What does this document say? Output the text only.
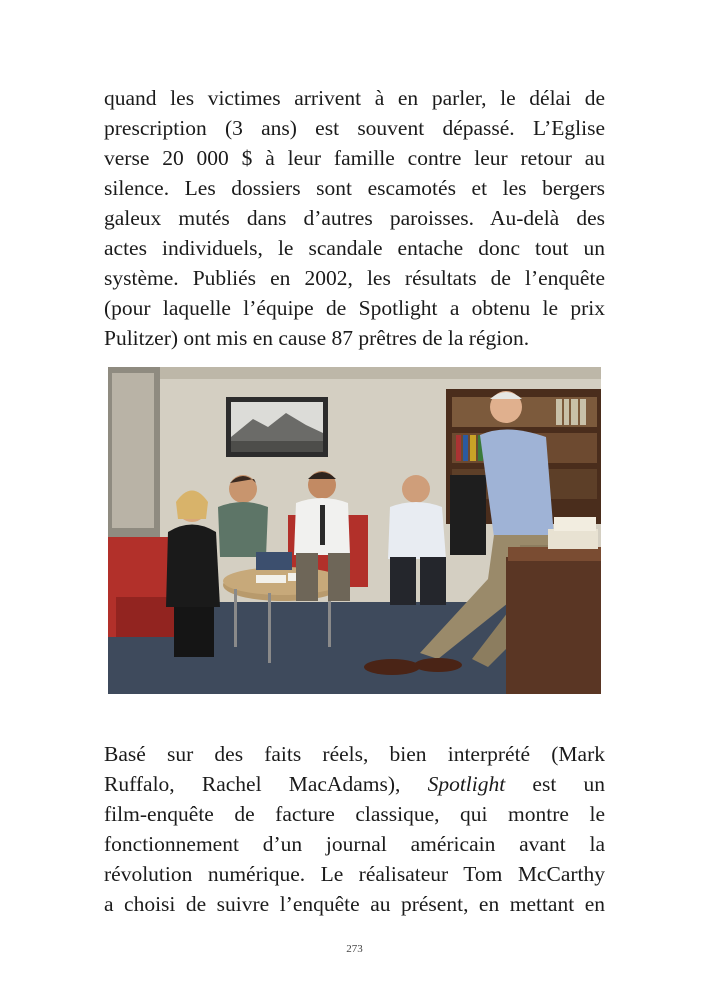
quand les victimes arrivent à en parler, le délai de
prescription (3 ans) est souvent dépassé. L’Eglise
verse 20 000 $ à leur famille contre leur retour au
silence. Les dossiers sont escamotés et les bergers
galeux mutés dans d’autres paroisses. Au-delà des
actes individuels, le scandale entache donc tout un
système. Publiés en 2002, les résultats de l’enquête
(pour laquelle l’équipe de Spotlight a obtenu le prix
Pulitzer) ont mis en cause 87 prêtres de la région.

Basé sur des faits réels, bien interprété (Mark
Ruffalo, Rachel MacAdams), Spotlight est un
film-enquête de facture classique, qui montre le
fonctionnement d’un journal américain avant la
révolution numérique. Le réalisateur Tom McCarthy
a choisi de suivre l’enquête au présent, en mettant en

273
